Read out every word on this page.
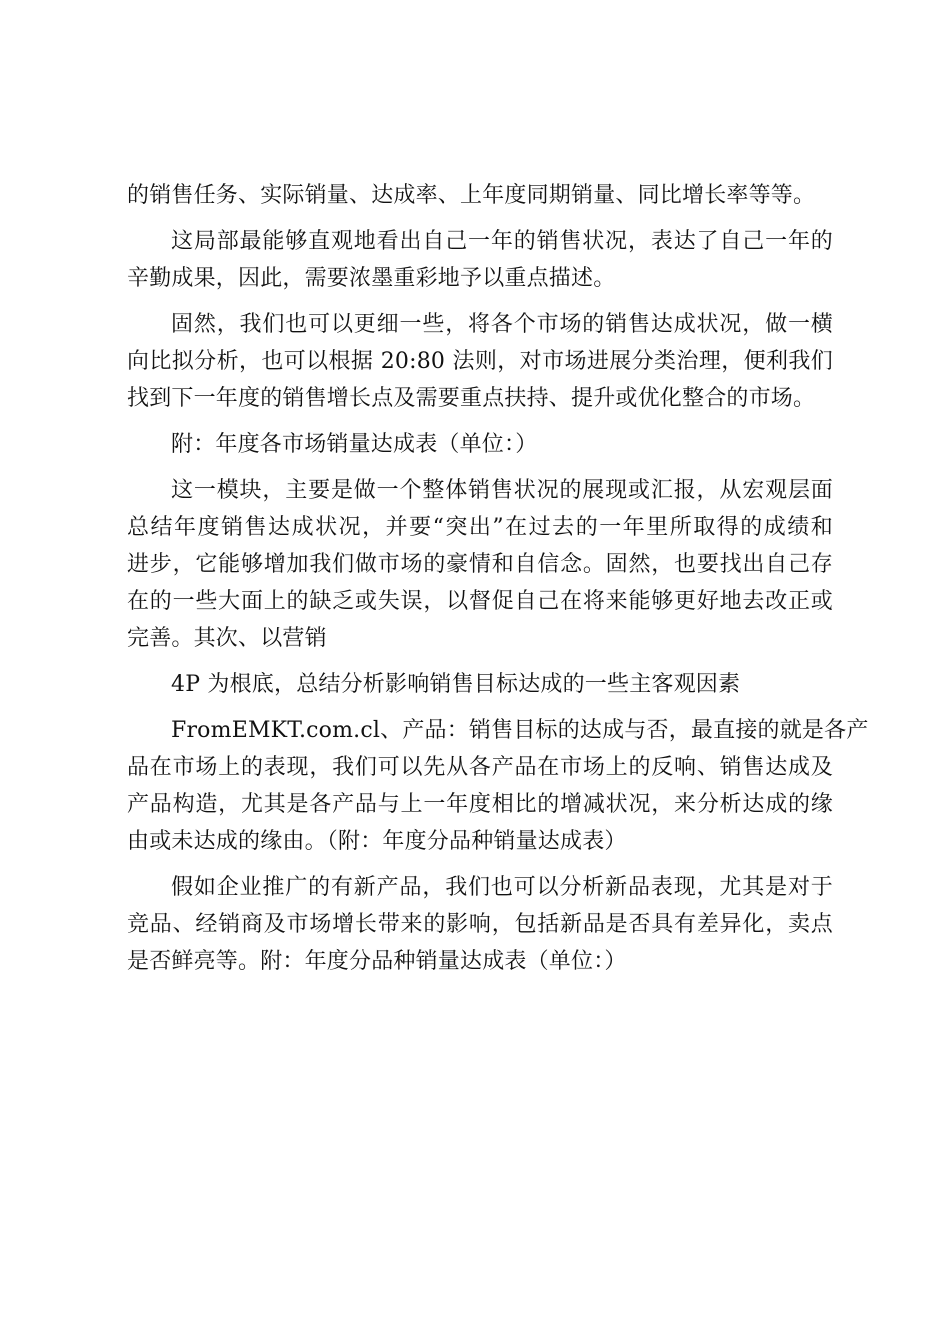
的销售任务、实际销量、达成率、上年度同期销量、同比增长率等等。
这局部最能够直观地看出自己一年的销售状况，表达了自己一年的
辛勤成果，因此，需要浓墨重彩地予以重点描述。
固然，我们也可以更细一些，将各个市场的销售达成状况，做一横
向比拟分析，也可以根据 20:80 法则，对市场进展分类治理，便利我们
找到下一年度的销售增长点及需要重点扶持、提升或优化整合的市场。
附：年度各市场销量达成表（单位：）
这一模块，主要是做一个整体销售状况的展现或汇报，从宏观层面
总结年度销售达成状况，并要“突出”在过去的一年里所取得的成绩和
进步，它能够增加我们做市场的豪情和自信念。固然，也要找出自己存
在的一些大面上的缺乏或失误，以督促自己在将来能够更好地去改正或
完善。其次、以营销
4P 为根底，总结分析影响销售目标达成的一些主客观因素
FromEMKT.com.cl、产品：销售目标的达成与否，最直接的就是各产
品在市场上的表现，我们可以先从各产品在市场上的反响、销售达成及
产品构造，尤其是各产品与上一年度相比的增减状况，来分析达成的缘
由或未达成的缘由。（附：年度分品种销量达成表）
假如企业推广的有新产品，我们也可以分析新品表现，尤其是对于
竞品、经销商及市场增长带来的影响，包括新品是否具有差异化，卖点
是否鲜亮等。附：年度分品种销量达成表（单位：）
